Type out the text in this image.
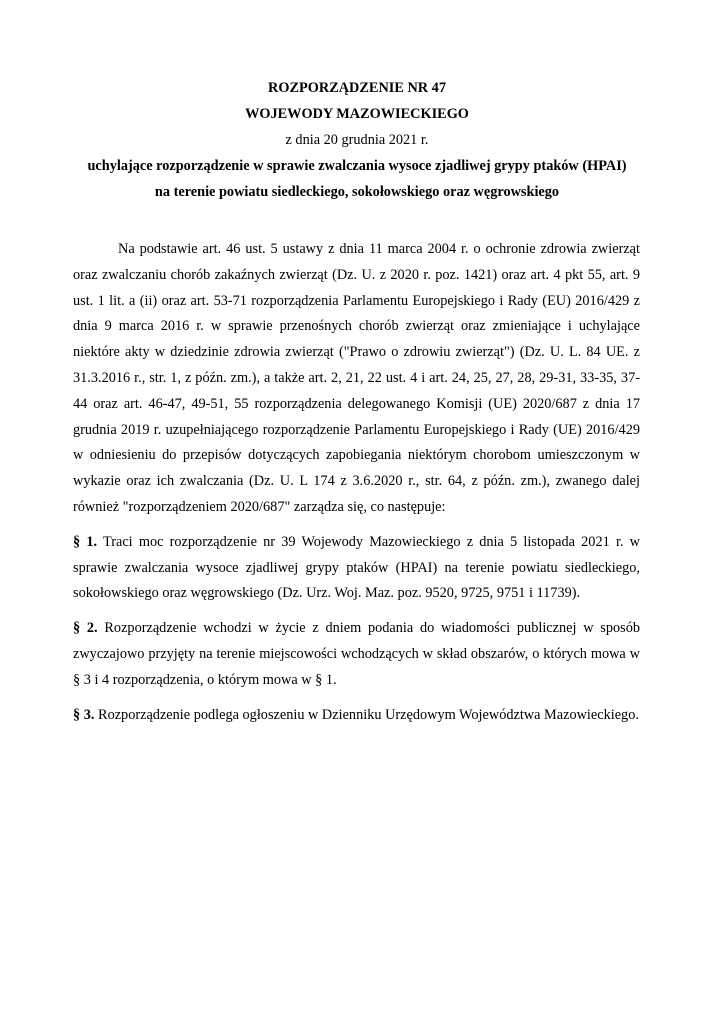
ROZPORZĄDZENIE NR 47
WOJEWODY MAZOWIECKIEGO
z dnia 20 grudnia 2021 r.
uchylające rozporządzenie w sprawie zwalczania wysoce zjadliwej grypy ptaków (HPAI)
na terenie powiatu siedleckiego, sokołowskiego oraz węgrowskiego

Na podstawie art. 46 ust. 5 ustawy z dnia 11 marca 2004 r. o ochronie zdrowia zwierząt oraz zwalczaniu chorób zakaźnych zwierząt (Dz. U. z 2020 r. poz. 1421) oraz art. 4 pkt 55, art. 9 ust. 1 lit. a (ii) oraz art. 53-71 rozporządzenia Parlamentu Europejskiego i Rady (EU) 2016/429 z dnia 9 marca 2016 r. w sprawie przenośnych chorób zwierząt oraz zmieniające i uchylające niektóre akty w dziedzinie zdrowia zwierząt ("Prawo o zdrowiu zwierząt") (Dz. U. L. 84 UE. z 31.3.2016 r., str. 1, z późn. zm.), a także art. 2, 21, 22 ust. 4 i art. 24, 25, 27, 28, 29-31, 33-35, 37-44 oraz art. 46-47, 49-51, 55 rozporządzenia delegowanego Komisji (UE) 2020/687 z dnia 17 grudnia 2019 r. uzupełniającego rozporządzenie Parlamentu Europejskiego i Rady (UE) 2016/429 w odniesieniu do przepisów dotyczących zapobiegania niektórym chorobom umieszczonym w wykazie oraz ich zwalczania (Dz. U. L 174 z 3.6.2020 r., str. 64, z późn. zm.), zwanego dalej również "rozporządzeniem 2020/687" zarządza się, co następuje:

§ 1. Traci moc rozporządzenie nr 39 Wojewody Mazowieckiego z dnia 5 listopada 2021 r. w sprawie zwalczania wysoce zjadliwej grypy ptaków (HPAI) na terenie powiatu siedleckiego, sokołowskiego oraz węgrowskiego (Dz. Urz. Woj. Maz. poz. 9520, 9725, 9751 i 11739).

§ 2. Rozporządzenie wchodzi w życie z dniem podania do wiadomości publicznej w sposób zwyczajowo przyjęty na terenie miejscowości wchodzących w skład obszarów, o których mowa w § 3 i 4 rozporządzenia, o którym mowa w § 1.

§ 3. Rozporządzenie podlega ogłoszeniu w Dzienniku Urzędowym Województwa Mazowieckiego.
